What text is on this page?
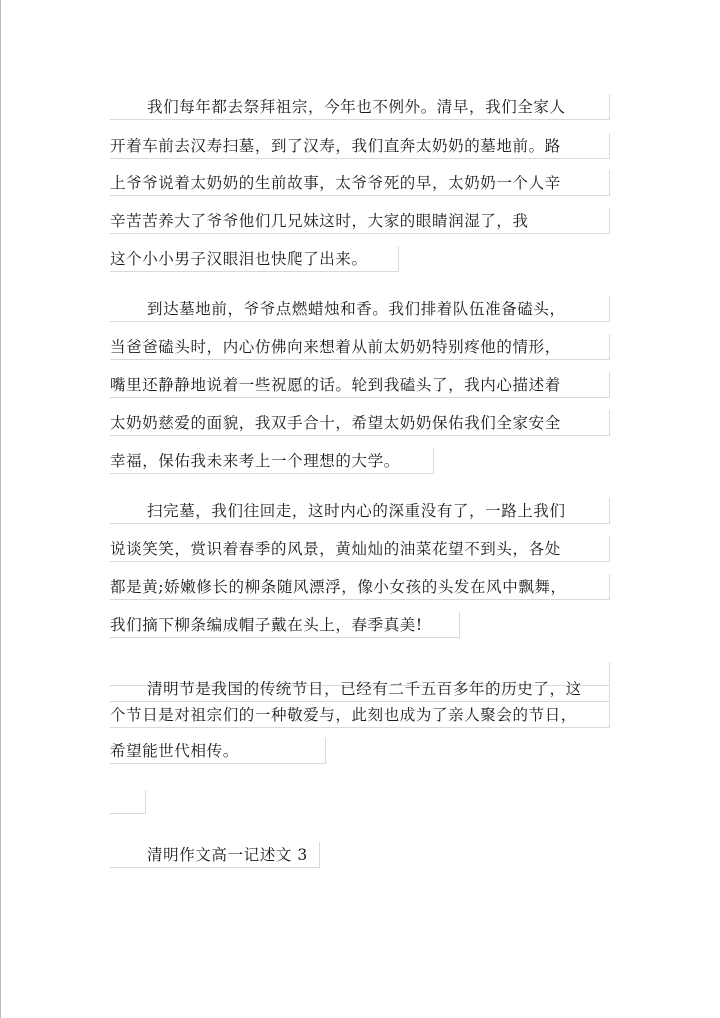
我们每年都去祭拜祖宗，今年也不例外。清早，我们全家人
开着车前去汉寿扫墓，到了汉寿，我们直奔太奶奶的墓地前。路
上爷爷说着太奶奶的生前故事，太爷爷死的早，太奶奶一个人辛
辛苦苦养大了爷爷他们几兄妹这时，大家的眼睛润湿了，我
这个小小男子汉眼泪也快爬了出来。
到达墓地前，爷爷点燃蜡烛和香。我们排着队伍准备磕头，
当爸爸磕头时，内心仿佛向来想着从前太奶奶特别疼他的情形，
嘴里还静静地说着一些祝愿的话。轮到我磕头了，我内心描述着
太奶奶慈爱的面貌，我双手合十，希望太奶奶保佑我们全家安全
幸福，保佑我未来考上一个理想的大学。
扫完墓，我们往回走，这时内心的深重没有了，一路上我们
说谈笑笑，赏识着春季的风景，黄灿灿的油菜花望不到头，各处
都是黄;娇嫩修长的柳条随风漂浮，像小女孩的头发在风中飘舞，
我们摘下柳条编成帽子戴在头上，春季真美!
清明节是我国的传统节日，已经有二千五百多年的历史了，这
个节日是对祖宗们的一种敬爱与，此刻也成为了亲人聚会的节日，
希望能世代相传。
清明作文高一记述文 3
